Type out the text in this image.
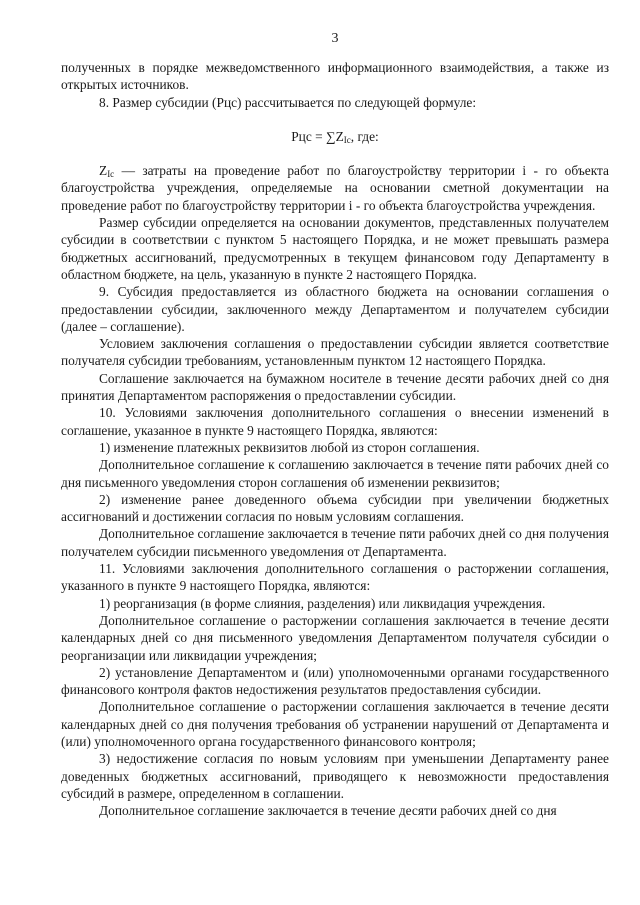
3

полученных в порядке межведомственного информационного взаимодействия, а также из открытых источников.

8. Размер субсидии (Рцс) рассчитывается по следующей формуле:

Рцс = $\sum Z_{Ic}$, где:

$Z_{Ic}$ — затраты на проведение работ по благоустройству территории i - го объекта благоустройства учреждения, определяемые на основании сметной документации на проведение работ по благоустройству территории i - го объекта благоустройства учреждения.

Размер субсидии определяется на основании документов, представленных получателем субсидии в соответствии с пунктом 5 настоящего Порядка, и не может превышать размера бюджетных ассигнований, предусмотренных в текущем финансовом году Департаменту в областном бюджете, на цель, указанную в пункте 2 настоящего Порядка.

9. Субсидия предоставляется из областного бюджета на основании соглашения о предоставлении субсидии, заключенного между Департаментом и получателем субсидии (далее – соглашение).

Условием заключения соглашения о предоставлении субсидии является соответствие получателя субсидии требованиям, установленным пунктом 12 настоящего Порядка.

Соглашение заключается на бумажном носителе в течение десяти рабочих дней со дня принятия Департаментом распоряжения о предоставлении субсидии.

10. Условиями заключения дополнительного соглашения о внесении изменений в соглашение, указанное в пункте 9 настоящего Порядка, являются:

1) изменение платежных реквизитов любой из сторон соглашения.

Дополнительное соглашение к соглашению заключается в течение пяти рабочих дней со дня письменного уведомления сторон соглашения об изменении реквизитов;

2) изменение ранее доведенного объема субсидии при увеличении бюджетных ассигнований и достижении согласия по новым условиям соглашения.

Дополнительное соглашение заключается в течение пяти рабочих дней со дня получения получателем субсидии письменного уведомления от Департамента.

11. Условиями заключения дополнительного соглашения о расторжении соглашения, указанного в пункте 9 настоящего Порядка, являются:

1) реорганизация (в форме слияния, разделения) или ликвидация учреждения.

Дополнительное соглашение о расторжении соглашения заключается в течение десяти календарных дней со дня письменного уведомления Департаментом получателя субсидии о реорганизации или ликвидации учреждения;

2) установление Департаментом и (или) уполномоченными органами государственного финансового контроля фактов недостижения результатов предоставления субсидии.

Дополнительное соглашение о расторжении соглашения заключается в течение десяти календарных дней со дня получения требования об устранении нарушений от Департамента и (или) уполномоченного органа государственного финансового контроля;

3) недостижение согласия по новым условиям при уменьшении Департаменту ранее доведенных бюджетных ассигнований, приводящего к невозможности предоставления субсидий в размере, определенном в соглашении.

Дополнительное соглашение заключается в течение десяти рабочих дней со дня
